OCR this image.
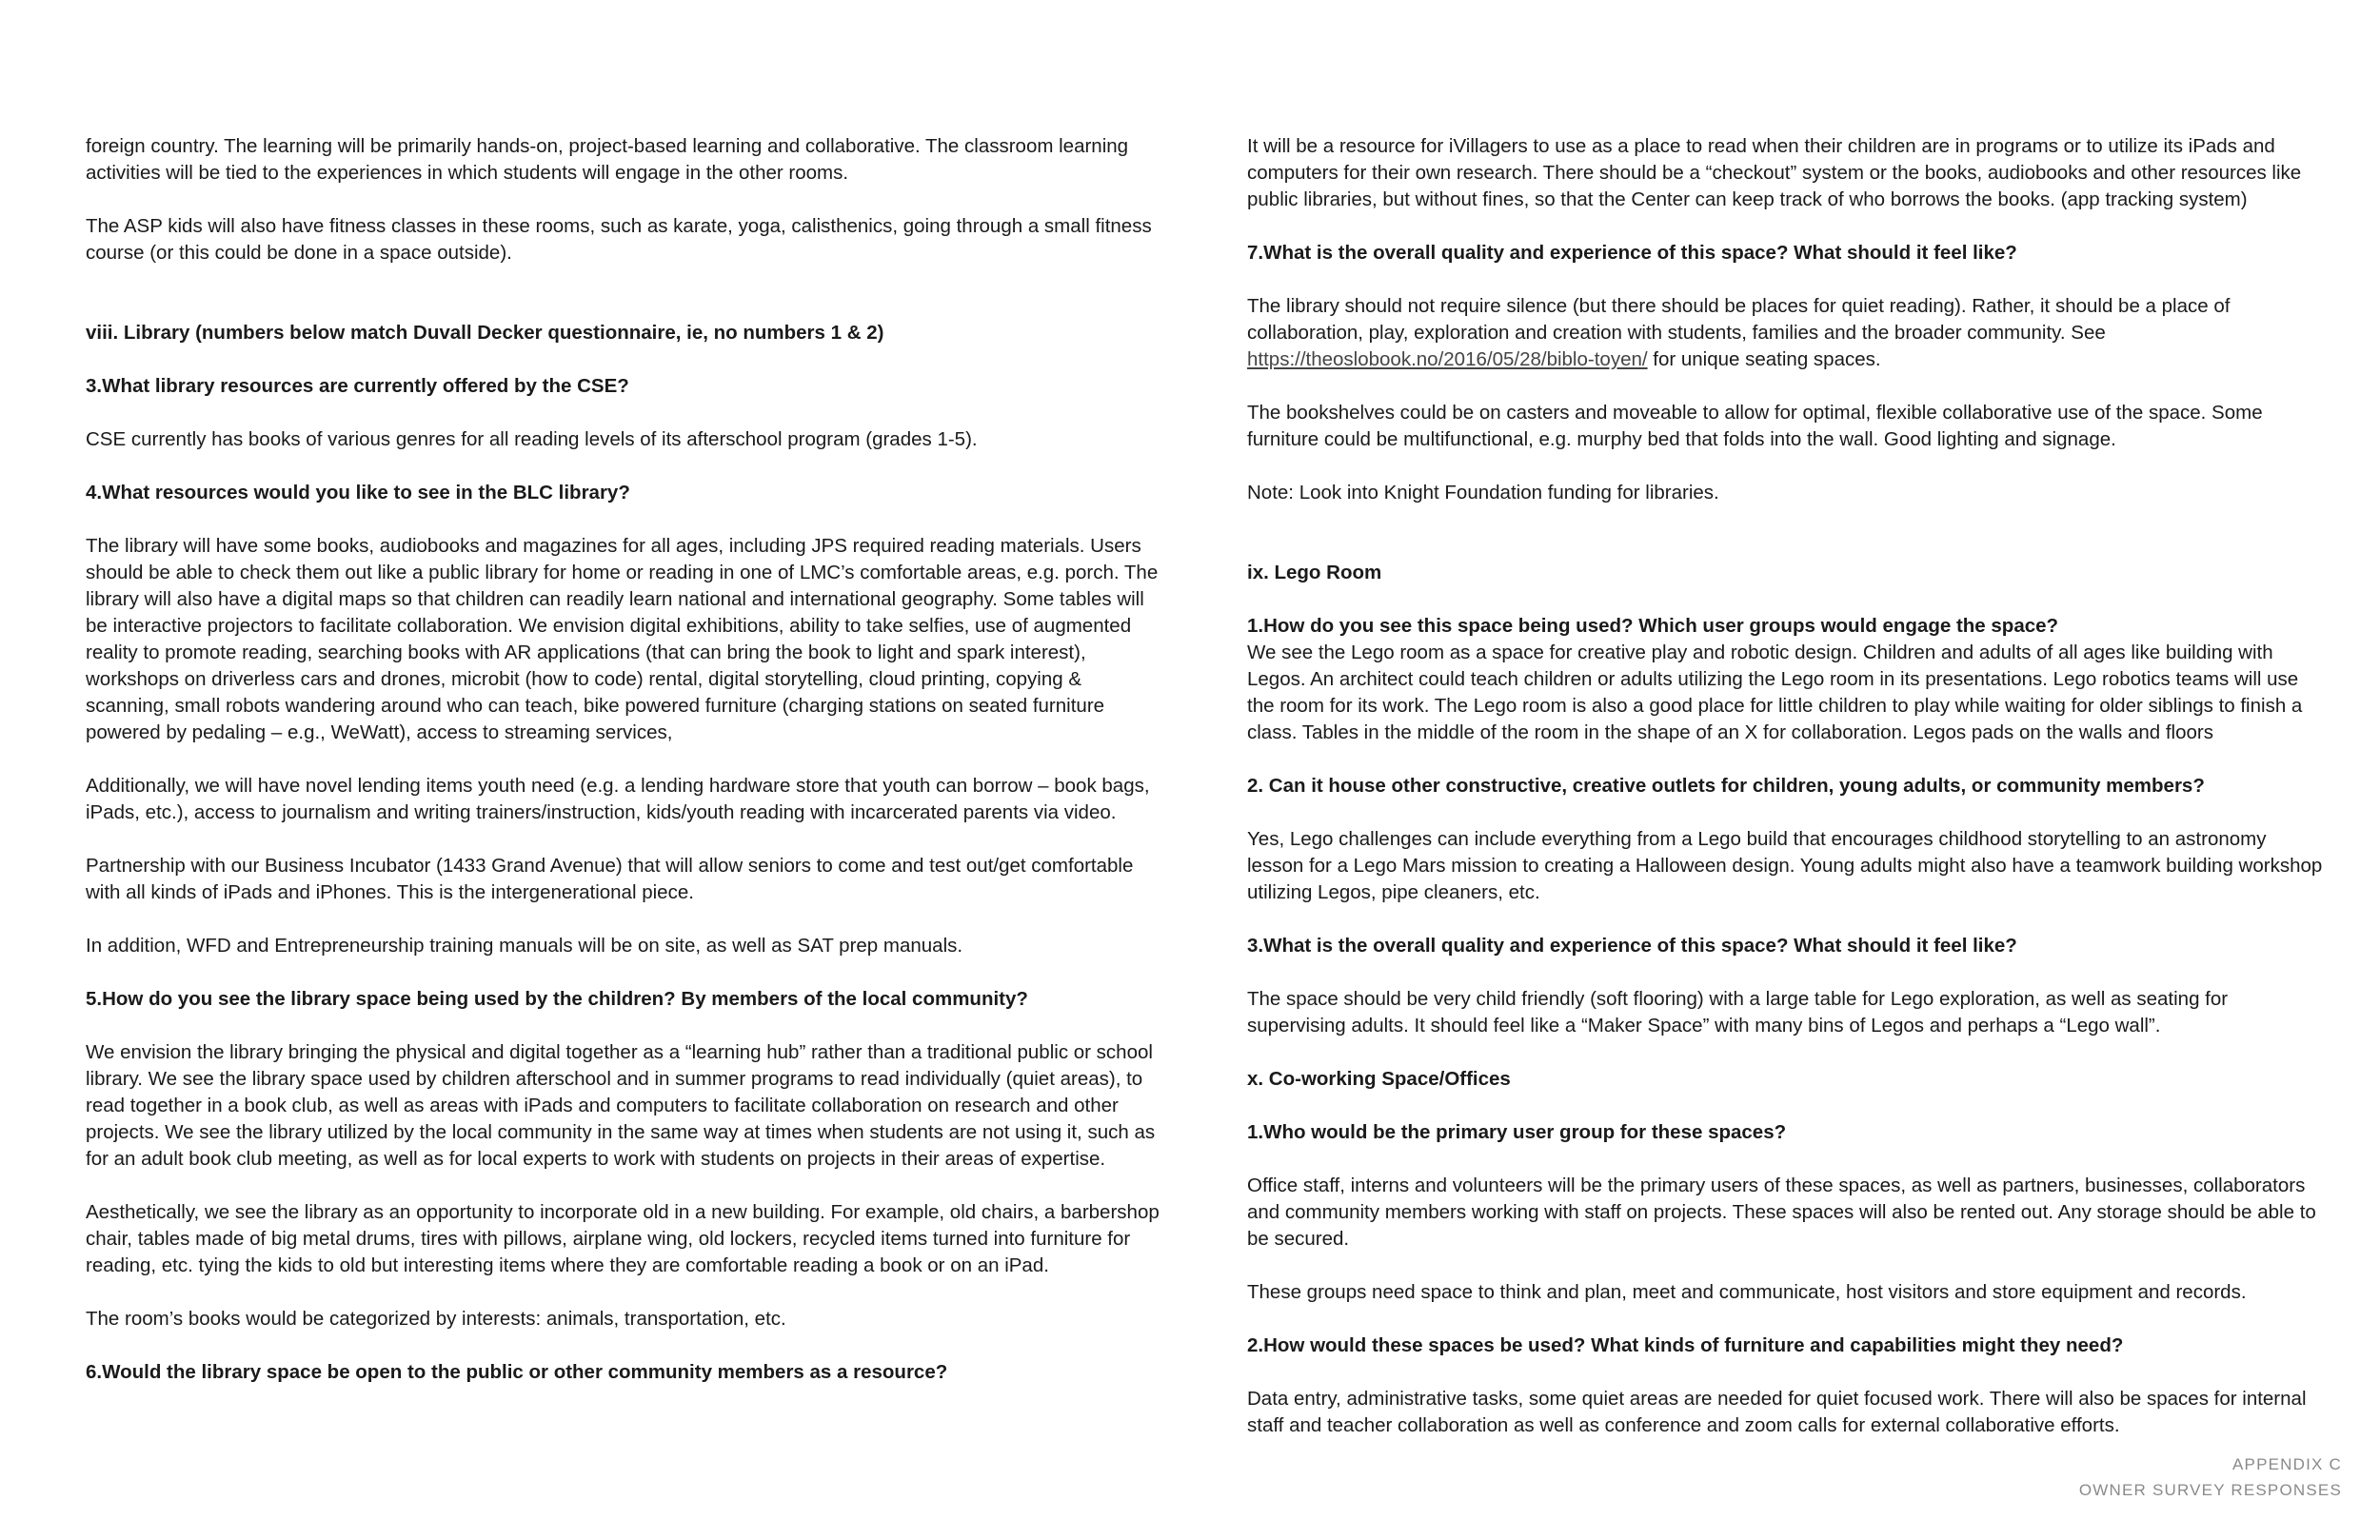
foreign country. The learning will be primarily hands-on, project-based learning and collaborative. The classroom learning activities will be tied to the experiences in which students will engage in the other rooms.

The ASP kids will also have fitness classes in these rooms, such as karate, yoga, calisthenics, going through a small fitness course (or this could be done in a space outside).

viii. Library (numbers below match Duvall Decker questionnaire, ie, no numbers 1 & 2)

3.What library resources are currently offered by the CSE?

CSE currently has books of various genres for all reading levels of its afterschool program (grades 1-5).

4.What resources would you like to see in the BLC library?

The library will have some books, audiobooks and magazines for all ages, including JPS required reading materials. Users should be able to check them out like a public library for home or reading in one of LMC’s comfortable areas, e.g. porch. The library will also have a digital maps so that children can readily learn national and international geography. Some tables will be interactive projectors to facilitate collaboration. We envision digital exhibitions, ability to take selfies, use of augmented reality to promote reading, searching books with AR applications (that can bring the book to light and spark interest), workshops on driverless cars and drones, microbit (how to code) rental, digital storytelling, cloud printing, copying & scanning, small robots wandering around who can teach, bike powered furniture (charging stations on seated furniture powered by pedaling – e.g., WeWatt), access to streaming services,

Additionally, we will have novel lending items youth need (e.g. a lending hardware store that youth can borrow – book bags, iPads, etc.), access to journalism and writing trainers/instruction, kids/youth reading with incarcerated parents via video.

Partnership with our Business Incubator (1433 Grand Avenue) that will allow seniors to come and test out/get comfortable with all kinds of iPads and iPhones. This is the intergenerational piece.

In addition, WFD and Entrepreneurship training manuals will be on site, as well as SAT prep manuals.

5.How do you see the library space being used by the children? By members of the local community?

We envision the library bringing the physical and digital together as a “learning hub” rather than a traditional public or school library. We see the library space used by children afterschool and in summer programs to read individually (quiet areas), to read together in a book club, as well as areas with iPads and computers to facilitate collaboration on research and other projects. We see the library utilized by the local community in the same way at times when students are not using it, such as for an adult book club meeting, as well as for local experts to work with students on projects in their areas of expertise.

Aesthetically, we see the library as an opportunity to incorporate old in a new building. For example, old chairs, a barbershop chair, tables made of big metal drums, tires with pillows, airplane wing, old lockers, recycled items turned into furniture for reading, etc. tying the kids to old but interesting items where they are comfortable reading a book or on an iPad.

The room’s books would be categorized by interests: animals, transportation, etc.

6.Would the library space be open to the public or other community members as a resource?

It will be a resource for iVillagers to use as a place to read when their children are in programs or to utilize its iPads and computers for their own research. There should be a “checkout” system or the books, audiobooks and other resources like public libraries, but without fines, so that the Center can keep track of who borrows the books. (app tracking system)

7.What is the overall quality and experience of this space? What should it feel like?

The library should not require silence (but there should be places for quiet reading). Rather, it should be a place of collaboration, play, exploration and creation with students, families and the broader community. See https://theoslobook.no/2016/05/28/biblo-toyen/ for unique seating spaces.

The bookshelves could be on casters and moveable to allow for optimal, flexible collaborative use of the space. Some furniture could be multifunctional, e.g. murphy bed that folds into the wall. Good lighting and signage.

Note: Look into Knight Foundation funding for libraries.

ix. Lego Room

1.How do you see this space being used? Which user groups would engage the space?

We see the Lego room as a space for creative play and robotic design. Children and adults of all ages like building with Legos. An architect could teach children or adults utilizing the Lego room in its presentations. Lego robotics teams will use the room for its work. The Lego room is also a good place for little children to play while waiting for older siblings to finish a class. Tables in the middle of the room in the shape of an X for collaboration. Legos pads on the walls and floors

2. Can it house other constructive, creative outlets for children, young adults, or community members?

Yes, Lego challenges can include everything from a Lego build that encourages childhood storytelling to an astronomy lesson for a Lego Mars mission to creating a Halloween design. Young adults might also have a teamwork building workshop utilizing Legos, pipe cleaners, etc.

3.What is the overall quality and experience of this space? What should it feel like?

The space should be very child friendly (soft flooring) with a large table for Lego exploration, as well as seating for supervising adults. It should feel like a “Maker Space” with many bins of Legos and perhaps a “Lego wall”.

x. Co-working Space/Offices

1.Who would be the primary user group for these spaces?

Office staff, interns and volunteers will be the primary users of these spaces, as well as partners, businesses, collaborators and community members working with staff on projects. These spaces will also be rented out. Any storage should be able to be secured.

These groups need space to think and plan, meet and communicate, host visitors and store equipment and records.

2.How would these spaces be used? What kinds of furniture and capabilities might they need?

Data entry, administrative tasks, some quiet areas are needed for quiet focused work. There will also be spaces for internal staff and teacher collaboration as well as conference and zoom calls for external collaborative efforts.

APPENDIX C
OWNER SURVEY RESPONSES
